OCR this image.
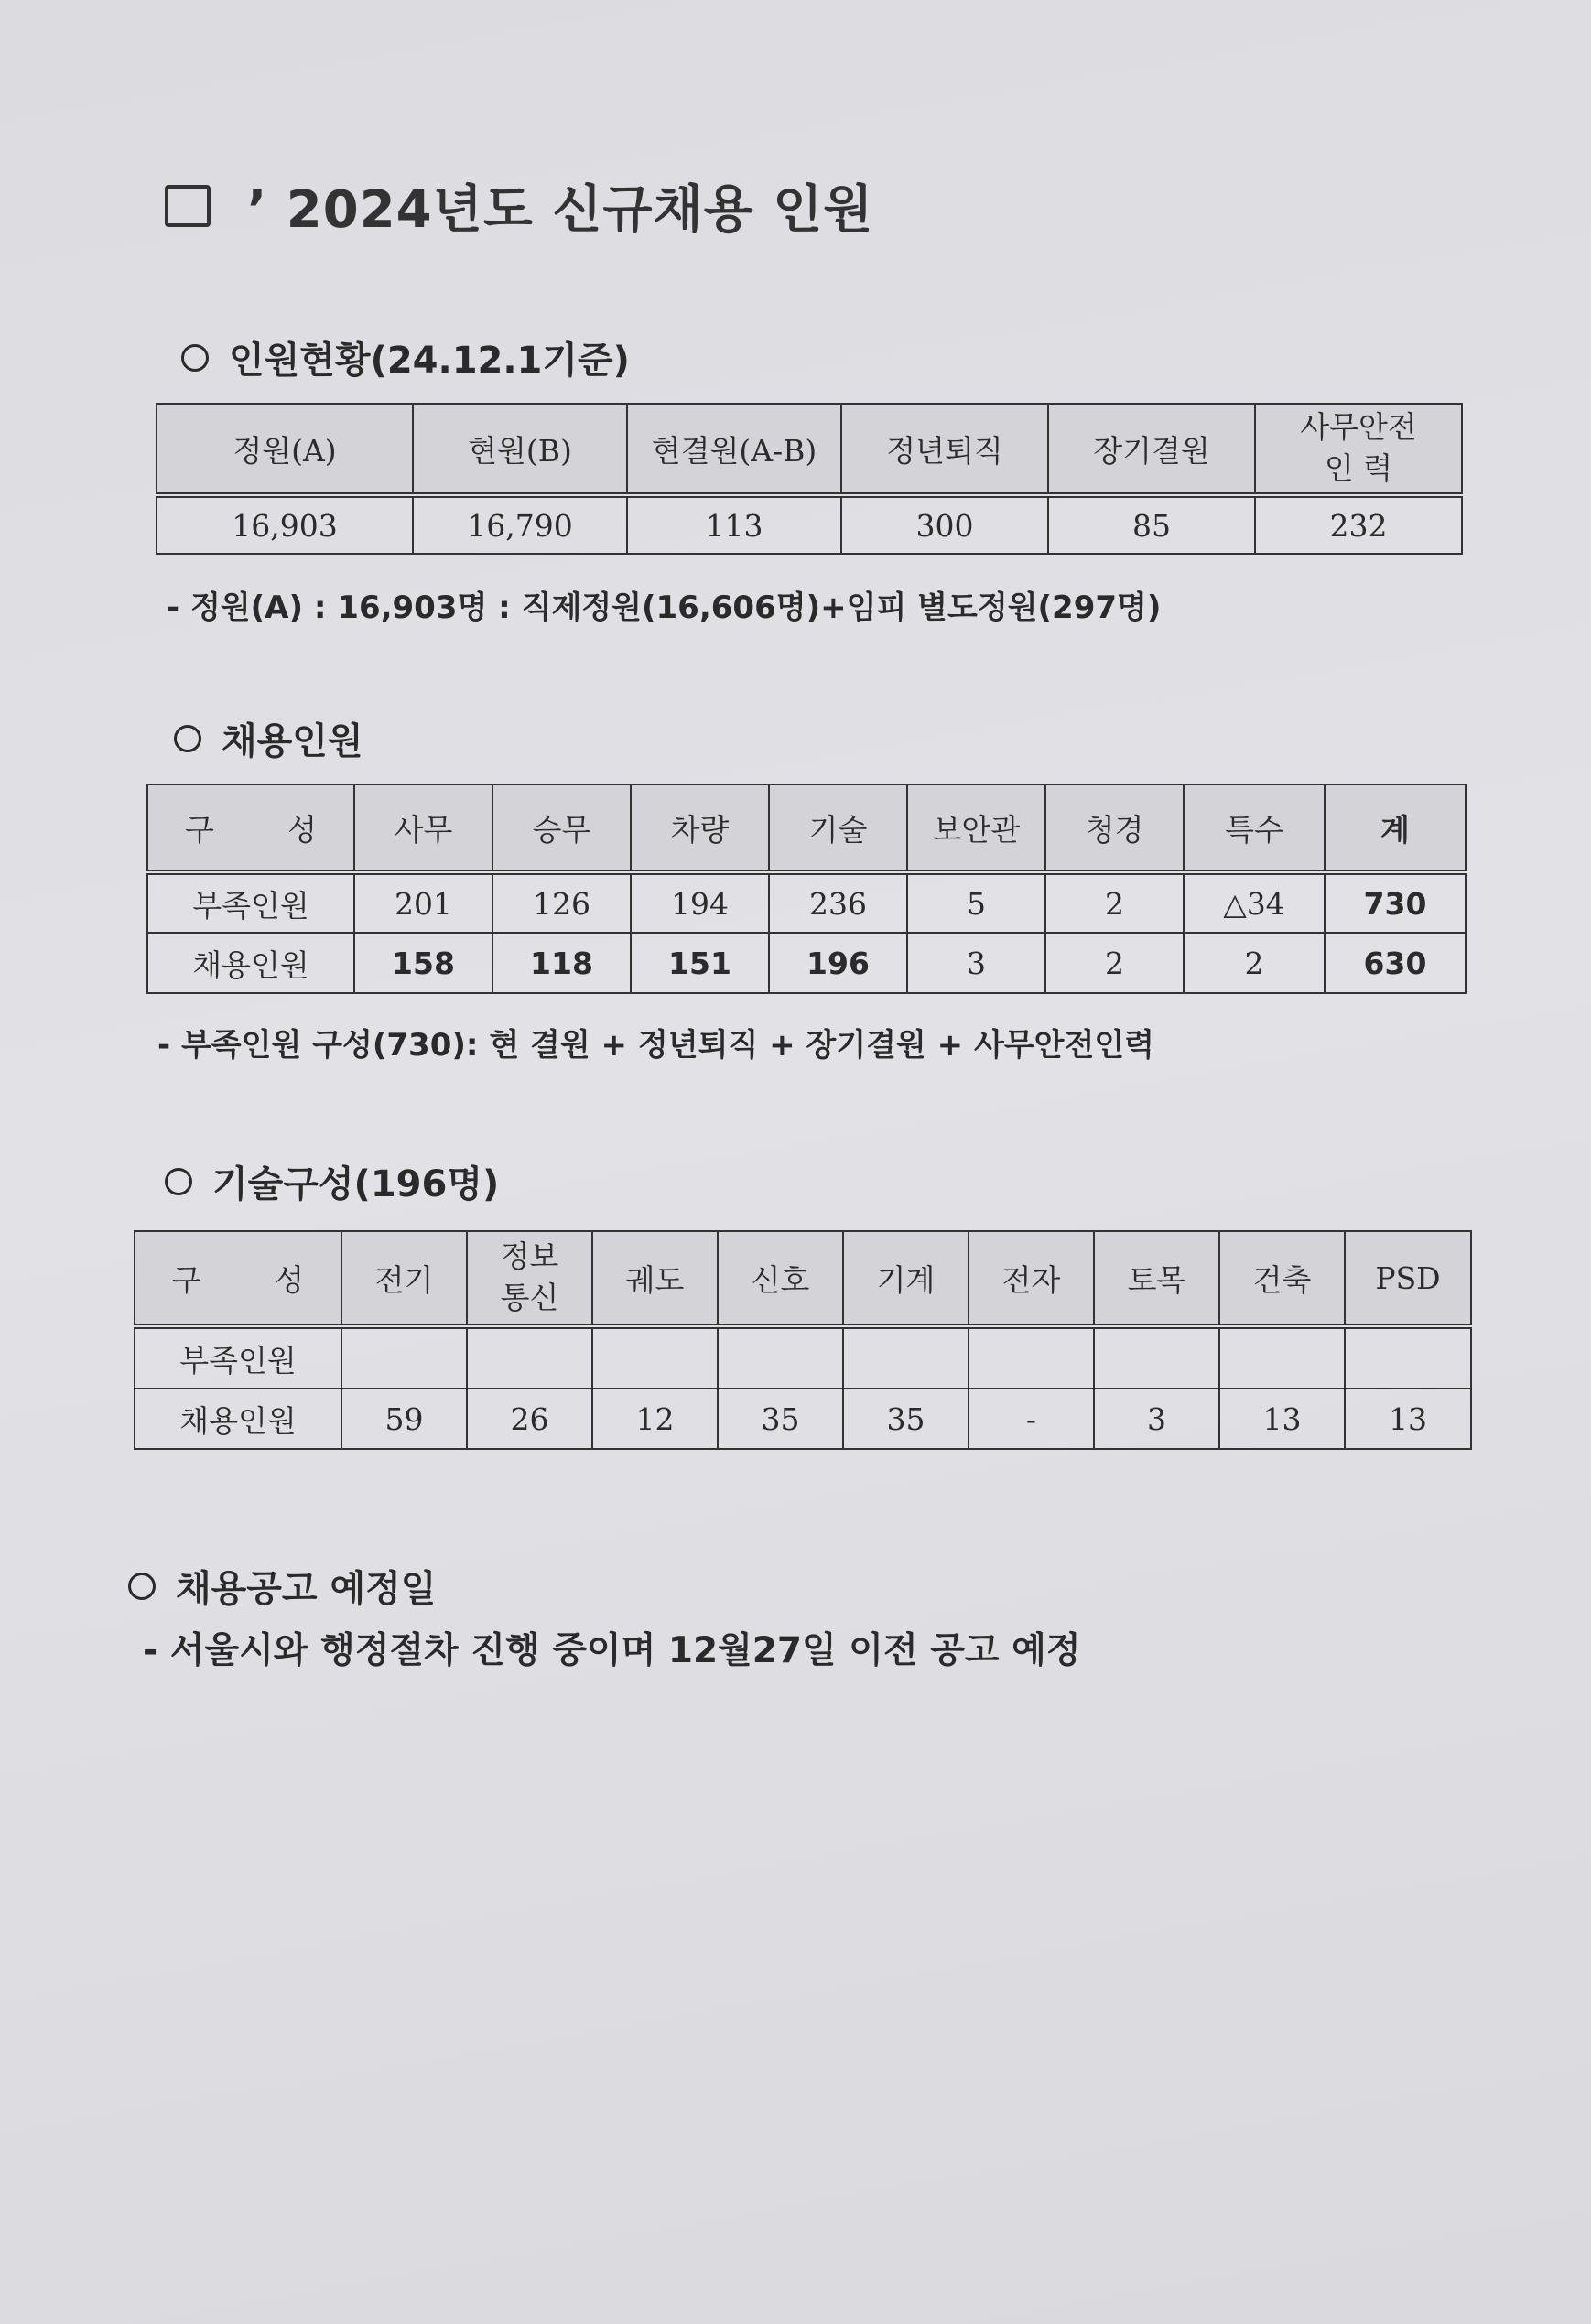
’ 2024년도 신규채용 인원
인원현황(24.12.1기준)
정원(A)	현원(B)	현결원(A-B)	정년퇴직	장기결원	사무안전
인 력
16,903	16,790	113	300	85	232
- 정원(A) : 16,903명 : 직제정원(16,606명)+임피 별도정원(297명)
채용인원
구 성	사무	승무	차량	기술	보안관	청경	특수	계
부족인원	201	126	194	236	5	2	△34	730
채용인원	158	118	151	196	3	2	2	630
- 부족인원 구성(730): 현 결원 + 정년퇴직 + 장기결원 + 사무안전인력
기술구성(196명)
구 성	전기	정보
통신	궤도	신호	기계	전자	토목	건축	PSD
부족인원									
채용인원	59	26	12	35	35	-	3	13	13
채용공고 예정일
- 서울시와 행정절차 진행 중이며 12월27일 이전 공고 예정
